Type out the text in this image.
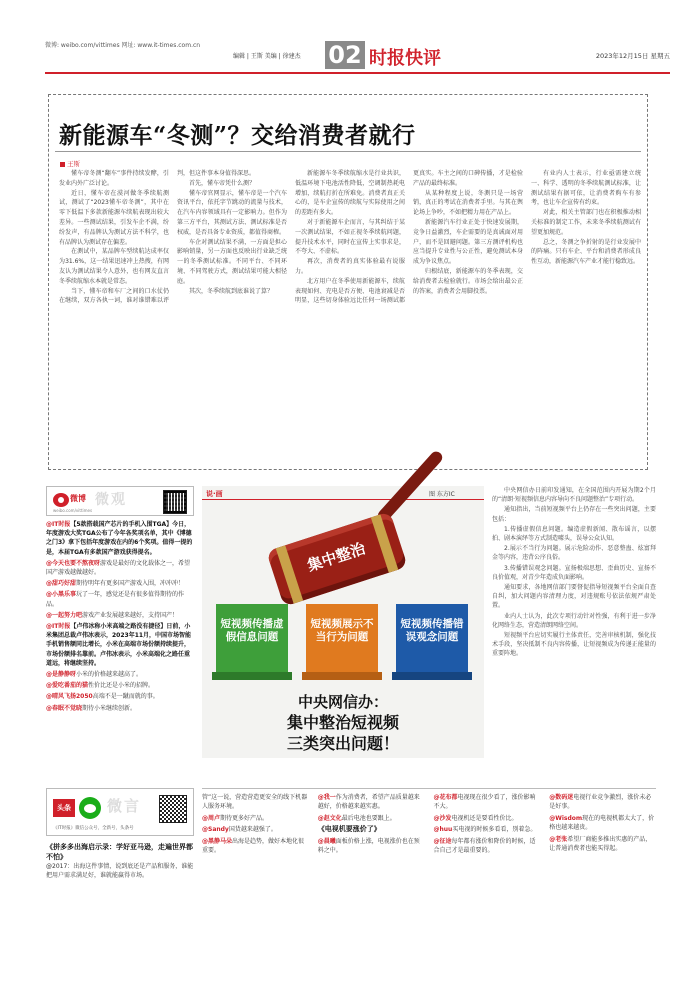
微博: weibo.com/vittimes 网址: www.it-times.com.cn
编辑 | 王斯 美编 | 徐建杰 02 时报快评	2023年12月15日 星期五
新能源车“冬测”？交给消费者就行
王斯

懂车帝冬测“翻车”事件持续发酵，引发业内外广泛讨论。

近日，懂车帝在漠河做冬季续航测试，测试了“2023懂车帝冬测”，其中在零下低温下多款新能源车续航表现出较大差异。一些测试结果，引发车企不满，纷纷发声，有品牌认为测试方法不科学，也有品牌认为测试存在偏差。

在测试中，某品牌车型续航达成率仅为31.6%，这一结果迅速冲上热搜，有网友认为测试结果令人意外，也有网友直言冬季续航缩水本就是常态。

当下，懂车帝和车厂之间的口水仗仍在继续，双方各执一词，谁对谁错难以评判，但这件事本身值得深思。

首先，懂车帝凭什么测？

懂车帝官网显示，懂车帝是一个汽车资讯平台，依托字节跳动的流量与技术，在汽车内容领域具有一定影响力。但作为第三方平台，其测试方法、测试标准是否权威，是否具备专业资质，都值得商榷。

车企对测试结果不满，一方面是担心影响销量，另一方面也反映出行业缺乏统一的冬季测试标准。不同平台、不同环境、不同驾驶方式，测试结果可能大相径庭。

其次，冬季续航到底谁说了算？

新能源车冬季续航缩水是行业共识，低温环境下电池活性降低，空调制热耗电增加，续航打折在所难免。消费者真正关心的，是车企宣传的续航与实际使用之间的差距有多大。

对于新能源车企而言，与其纠结于某一次测试结果，不如正视冬季续航问题，提升技术水平，同时在宣传上实事求是，不夸大、不虚标。

再次，消费者的真实体验最有说服力。

北方用户在冬季使用新能源车，续航表现如何、充电是否方便、电池衰减是否明显，这些切身体验远比任何一场测试都更真实。车主之间的口碑传播，才是检验产品的最终标准。

从某种程度上说，冬测只是一场营销，真正的考试在消费者手里。与其在舆论场上争吵，不如把精力用在产品上。

新能源汽车行业正处于快速发展期，竞争日益激烈，车企需要的是真诚面对用户，而不是回避问题。第三方测评机构也应当提升专业性与公正性，避免测试本身成为争议焦点。

归根结底，新能源车的冬季表现，交给消费者去检验就行。市场会给出最公正的答案，消费者会用脚投票。

有业内人士表示，行业亟需建立统一、科学、透明的冬季续航测试标准，让测试结果有据可依，让消费者购车有参考，也让车企宣传有约束。

对此，相关主管部门也在积极推动相关标准的制定工作，未来冬季续航测试有望更加规范。

总之，冬测之争折射的是行业发展中的阵痛。只有车企、平台和消费者形成良性互动，新能源汽车产业才能行稳致远。

微博
weibo.com/vittimes
微观

@IT时报【5款搭载国产芯片的手机入围TGA】今日，年度游戏大奖TGA公布了今年各奖项名单，其中《博德之门3》拿下包括年度游戏在内的6个奖项。值得一提的是，本届TGA有多款国产游戏获得提名。

@今天也要不熬夜呀游戏是最好的文化载体之一，希望国产游戏越做越好。

@甜巧好甜期待明年有更多国产游戏入围，冲冲冲！

@小黑乐事玩了一年，感觉还是有很多值得期待的作品。

@一起努力吧游戏产业发展越来越好，支持国产！

@IT时报【卢伟冰称小米高端之路没有捷径】日前，小米集团总裁卢伟冰表示，2023年11月，中国市场智能手机销售额同比增长，小米在高端市场份额持续提升，市场份额排名靠前。卢伟冰表示，小米高端化之路任重道远，将继续坚持。

@是静静呀小米的价格越来越高了。

@爱吃番茄的猫性价比还是小米的招牌。

@晴风飞扬2050高端不是一蹴而就的事。

@春眠不觉晓期待小米继续创新。

头条 微言
《IT时报》微信公众号，全新号，头条号
《拼多多出海启示录：学好亚马逊，走遍世界都不怕》
@2017：出海这件事情，说到底还是产品和服务，谁能把用户需求满足好，谁就能赢得市场。
说·画	图 东方IC
集中整治
短视频传播虚假信息问题
短视频展示不当行为问题
短视频传播错误观念问题
中央网信办：
集中整治短视频
三类突出问题！

中央网信办日前印发通知，在全国范围内开展为期2个月的“清朗·短视频信息内容导向不良问题整治”专项行动。

通知指出，当前短视频平台上仍存在一些突出问题，主要包括：

1.传播虚假信息问题。编造虚假新闻、散布谣言，以摆拍、剧本演绎等方式制造噱头，误导公众认知。

2.展示不当行为问题。展示危险动作、恶意整蛊、炫富拜金等内容，违背公序良俗。

3.传播错误观念问题。宣扬极端思想、歪曲历史、宣扬不良价值观，对青少年造成负面影响。

通知要求，各地网信部门要督促指导短视频平台全面自查自纠，加大问题内容清理力度，对违规账号依法依规严肃处置。

业内人士认为，此次专项行动针对性强，有利于进一步净化网络生态，营造清朗网络空间。

短视频平台应切实履行主体责任，完善审核机制，强化技术手段，坚决抵制不良内容传播，让短视频成为传递正能量的重要阵地。

管”这一说，营造营造更安全的线下机器人服务环境。

@周卢期待更多好产品。

@Sandy国货越来越强了。

@黑静马朵出海是趋势，做好本地化很重要。

@我一作为消费者，希望产品质量越来越好，价格越来越实惠。

@赵文化最后电池也要跟上。

《电视机要涨价了》

@晨曦面板价格上涨，电视涨价也在预料之中。

@花布都电视现在很少看了，涨价影响不大。

@沙发电视机还是要看性价比。

@huu买电视的时候多看看，别着急。

@征途每年都有涨价和降价的时候，适合自己才是最重要的。

@数码迷电视行业竞争激烈，涨价未必是好事。

@Wisdom现在的电视机都太大了，价格也越来越贵。

@老张希望厂商能多推出实惠的产品，让普通消费者也能买得起。
